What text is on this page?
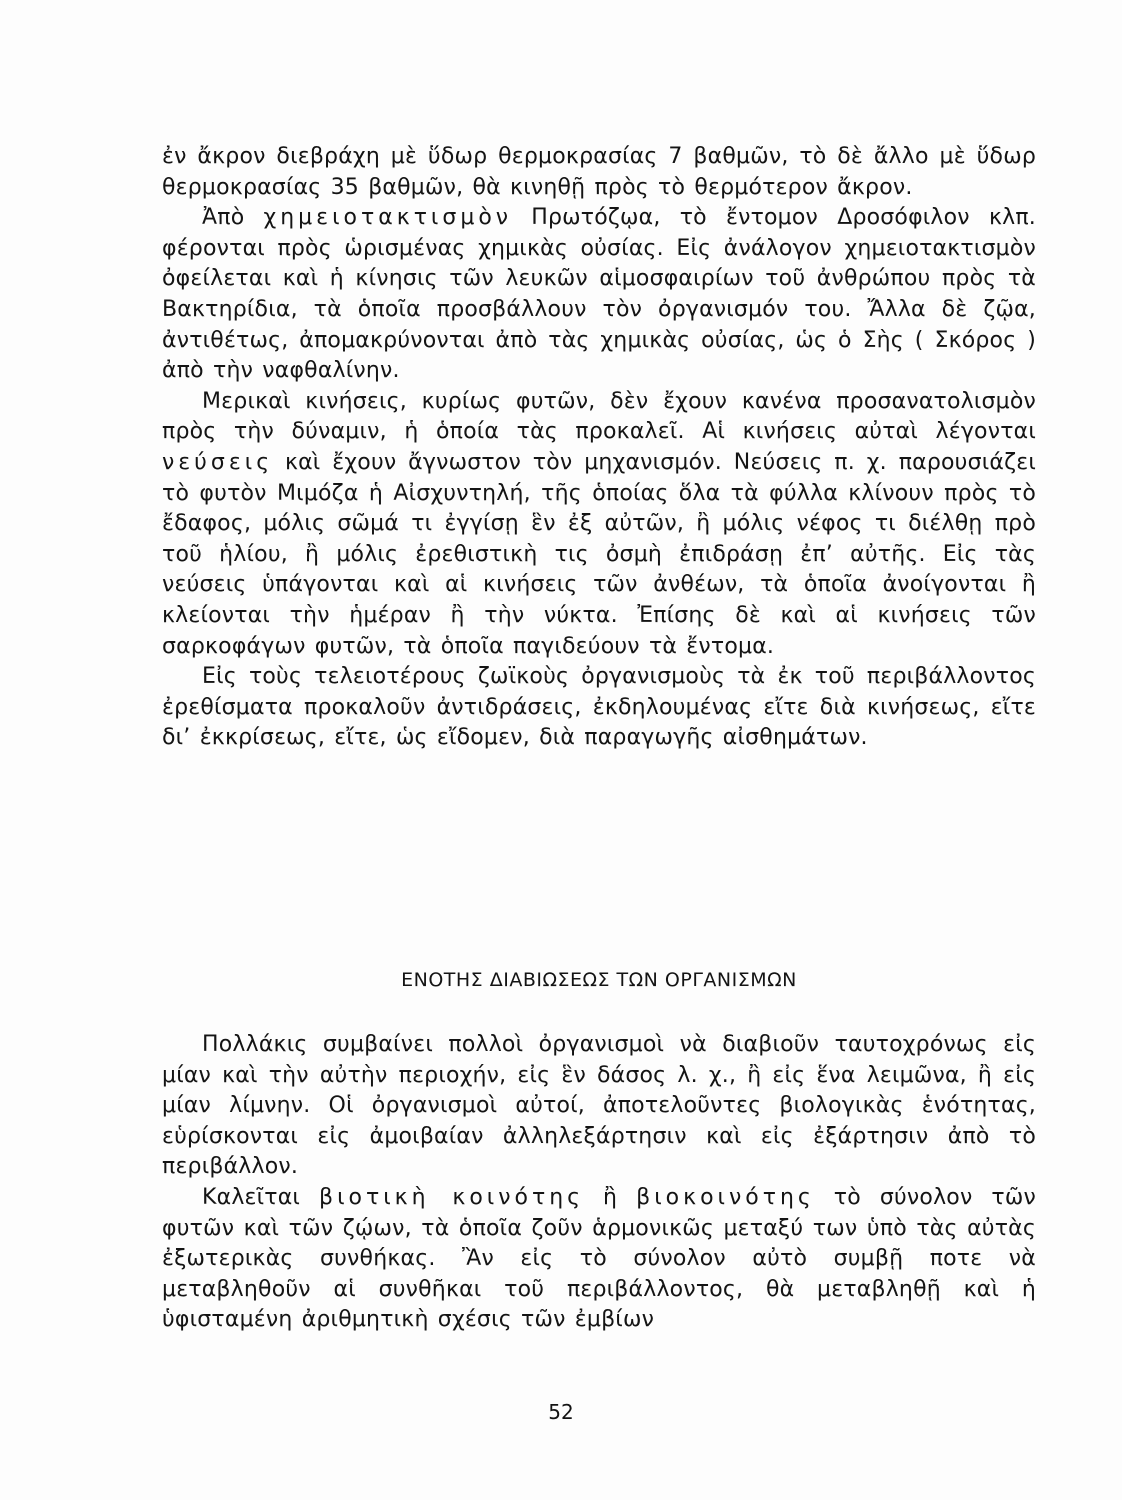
ἐν ἄκρον διεβράχη μὲ ὕδωρ θερμοκρασίας 7 βαθμῶν, τὸ δὲ ἄλλο μὲ ὕδωρ θερμοκρασίας 35 βαθμῶν, θὰ κινηθῇ πρὸς τὸ θερμότερον ἄκρον.

Ἀπὸ χημειοτακτισμὸν Πρωτόζῳα, τὸ ἔντομον Δροσόφιλον κλπ. φέρονται πρὸς ὡρισμένας χημικὰς οὐσίας. Εἰς ἀνάλογον χημειοτακτισμὸν ὀφείλεται καὶ ἡ κίνησις τῶν λευκῶν αἱμοσφαιρίων τοῦ ἀνθρώπου πρὸς τὰ Βακτηρίδια, τὰ ὁποῖα προσβάλλουν τὸν ὀργανισμόν του. Ἄλλα δὲ ζῷα, ἀντιθέτως, ἀπομακρύνονται ἀπὸ τὰς χημικὰς οὐσίας, ὡς ὁ Σὴς ( Σκόρος ) ἀπὸ τὴν ναφθαλίνην.

Μερικαὶ κινήσεις, κυρίως φυτῶν, δὲν ἔχουν κανένα προσανατολισμὸν πρὸς τὴν δύναμιν, ἡ ὁποία τὰς προκαλεῖ. Αἱ κινήσεις αὐταὶ λέγονται νεύσεις καὶ ἔχουν ἄγνωστον τὸν μηχανισμόν. Νεύσεις π. χ. παρουσιάζει τὸ φυτὸν Μιμόζα ἡ Αἰσχυντηλή, τῆς ὁποίας ὅλα τὰ φύλλα κλίνουν πρὸς τὸ ἔδαφος, μόλις σῶμά τι ἐγγίσῃ ἓν ἐξ αὐτῶν, ἢ μόλις νέφος τι διέλθῃ πρὸ τοῦ ἡλίου, ἢ μόλις ἐρεθιστικὴ τις ὀσμὴ ἐπιδράσῃ ἐπ’ αὐτῆς. Εἰς τὰς νεύσεις ὑπάγονται καὶ αἱ κινήσεις τῶν ἀνθέων, τὰ ὁποῖα ἀνοίγονται ἢ κλείονται τὴν ἡμέραν ἢ τὴν νύκτα. Ἐπίσης δὲ καὶ αἱ κινήσεις τῶν σαρκοφάγων φυτῶν, τὰ ὁποῖα παγιδεύουν τὰ ἔντομα.

Εἰς τοὺς τελειοτέρους ζωϊκοὺς ὀργανισμοὺς τὰ ἐκ τοῦ περιβάλλοντος ἐρεθίσματα προκαλοῦν ἀντιδράσεις, ἐκδηλουμένας εἴτε διὰ κινήσεως, εἴτε δι’ ἐκκρίσεως, εἴτε, ὡς εἴδομεν, διὰ παραγωγῆς αἰσθημάτων.

ΕΝΟΤΗΣ ΔΙΑΒΙΩΣΕΩΣ ΤΩΝ ΟΡΓΑΝΙΣΜΩΝ

Πολλάκις συμβαίνει πολλοὶ ὀργανισμοὶ νὰ διαβιοῦν ταυτοχρόνως εἰς μίαν καὶ τὴν αὐτὴν περιοχήν, εἰς ἓν δάσος λ. χ., ἢ εἰς ἕνα λειμῶνα, ἢ εἰς μίαν λίμνην. Οἱ ὀργανισμοὶ αὐτοί, ἀποτελοῦντες βιολογικὰς ἑνότητας, εὑρίσκονται εἰς ἀμοιβαίαν ἀλληλεξάρτησιν καὶ εἰς ἐξάρτησιν ἀπὸ τὸ περιβάλλον.

Καλεῖται βιοτικὴ κοινότης ἢ βιοκοινότης τὸ σύνολον τῶν φυτῶν καὶ τῶν ζῴων, τὰ ὁποῖα ζοῦν ἁρμονικῶς μεταξύ των ὑπὸ τὰς αὐτὰς ἐξωτερικὰς συνθήκας. Ἂν εἰς τὸ σύνολον αὐτὸ συμβῇ ποτε νὰ μεταβληθοῦν αἱ συνθῆκαι τοῦ περιβάλλοντος, θὰ μεταβληθῇ καὶ ἡ ὑφισταμένη ἀριθμητικὴ σχέσις τῶν ἐμβίων

52
